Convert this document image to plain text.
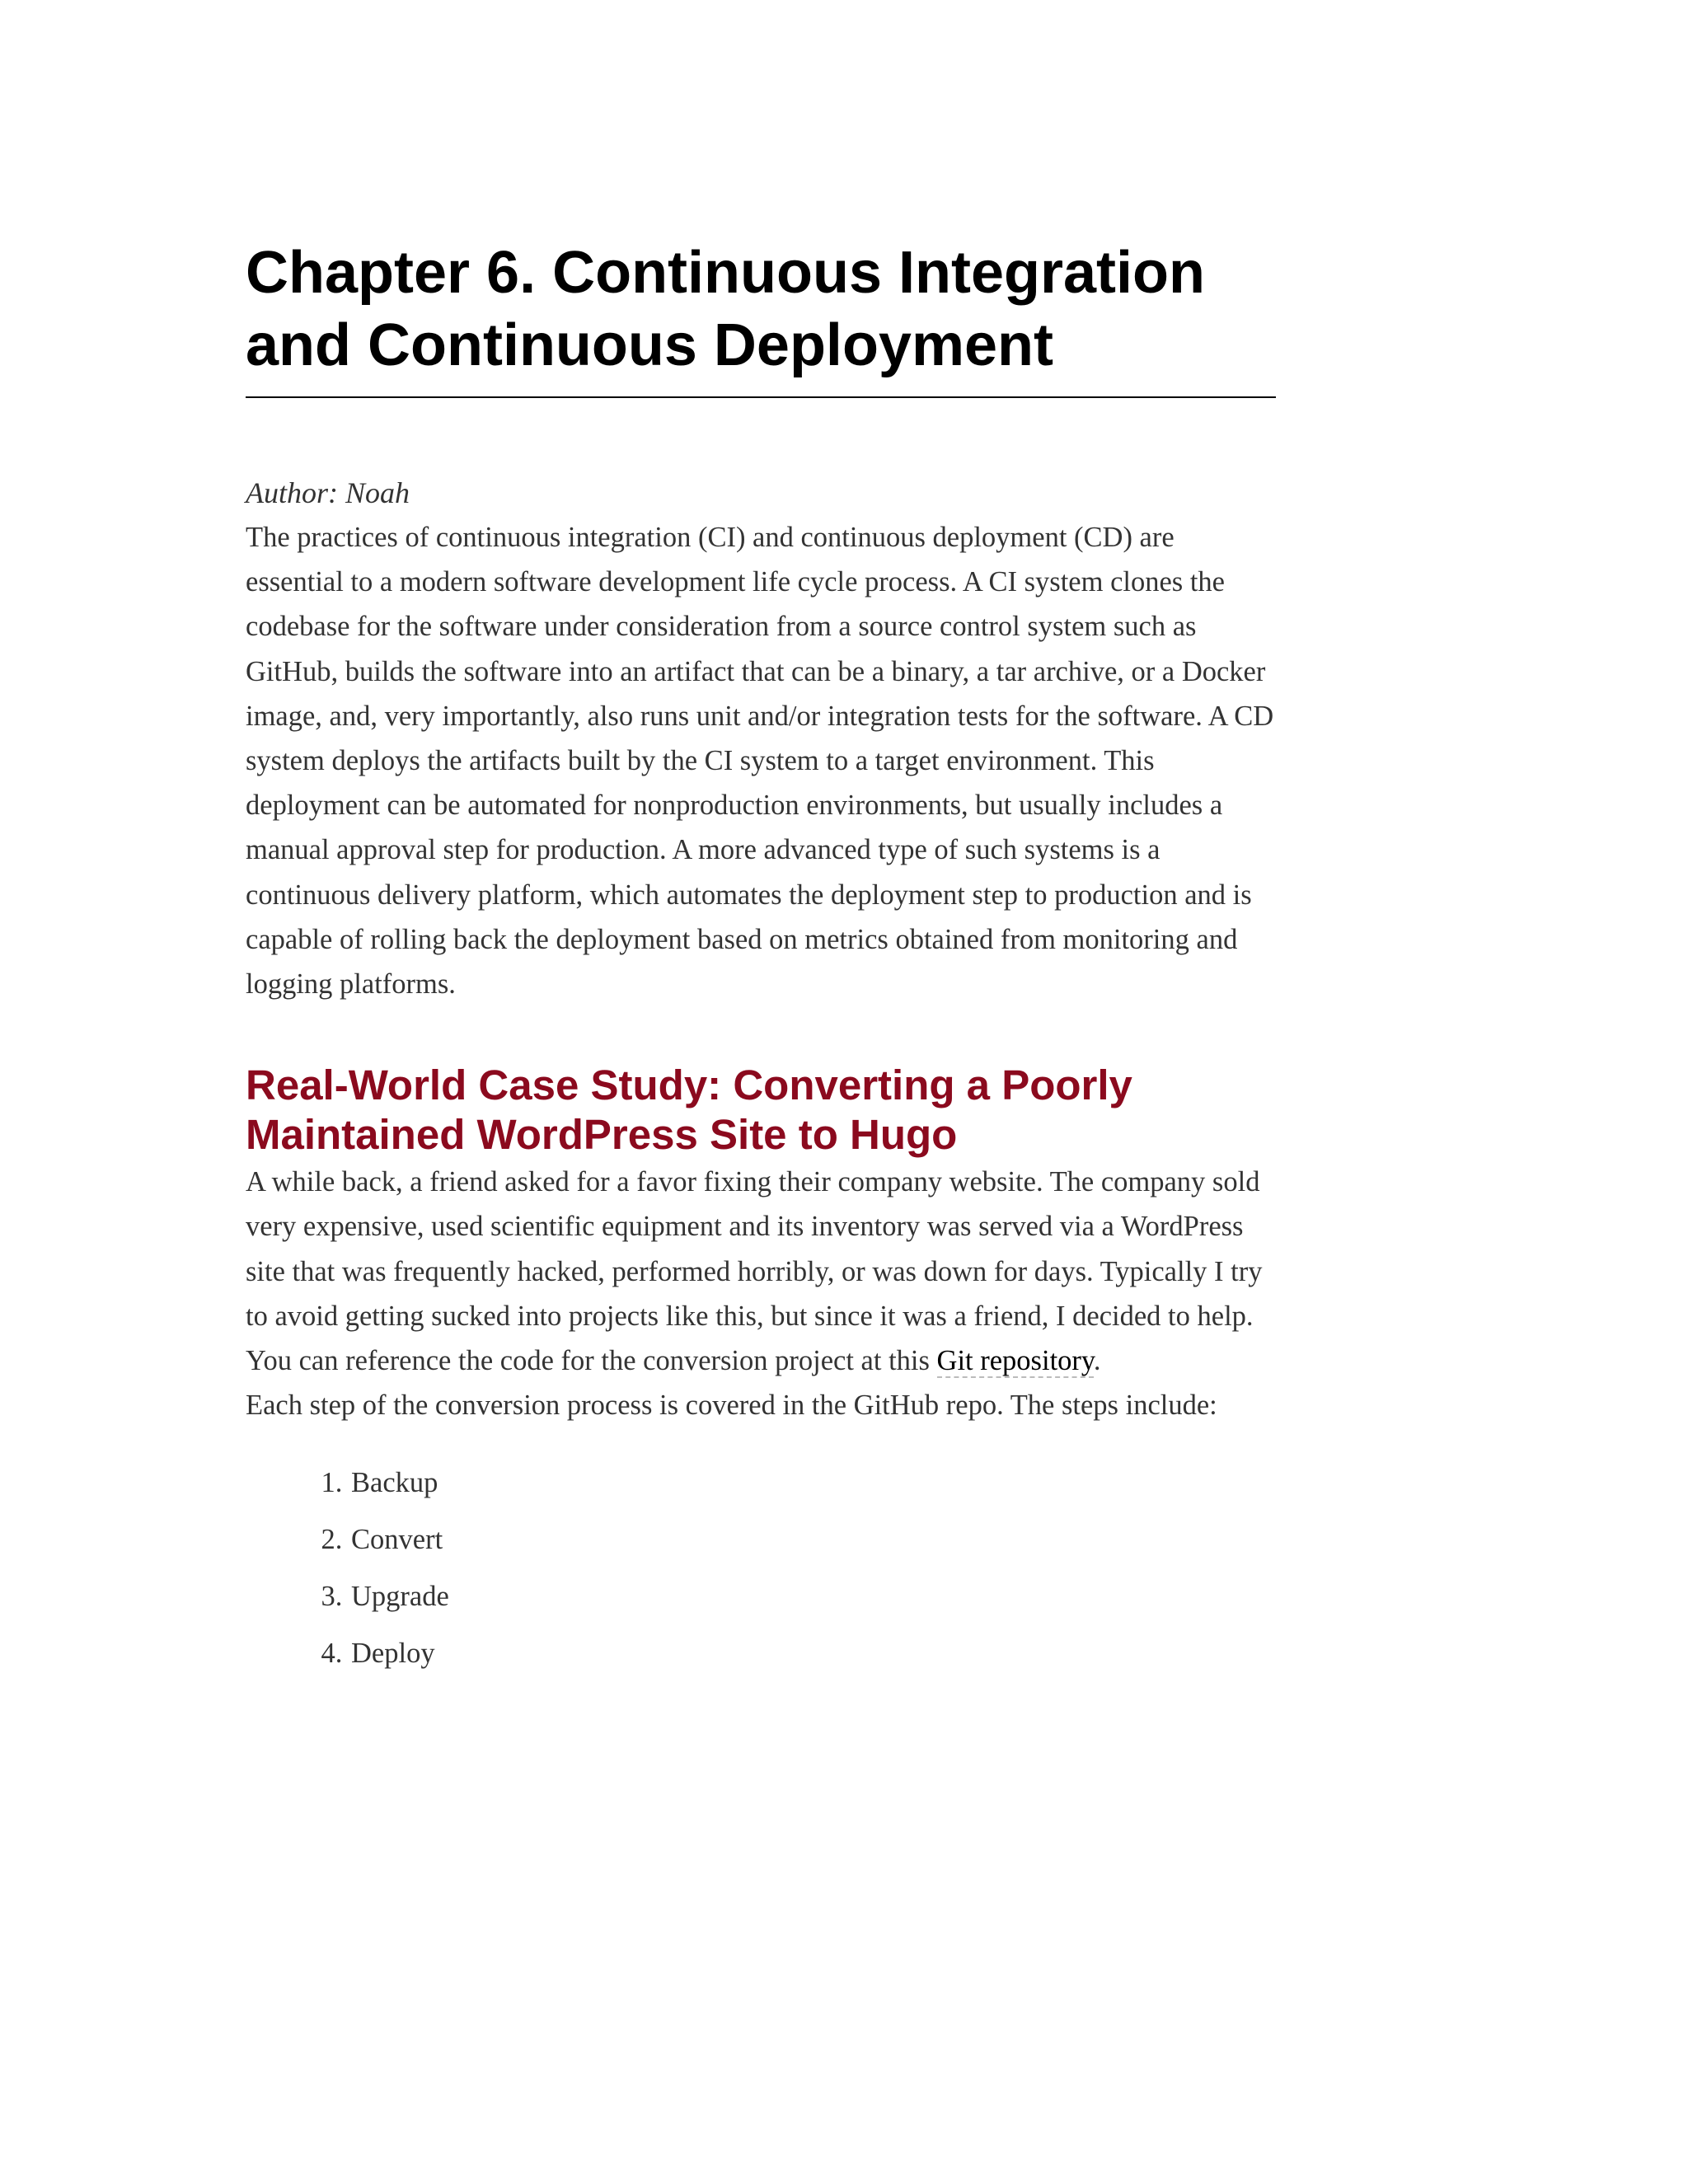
Chapter 6. Continuous Integration and Continuous Deployment

Author: Noah

The practices of continuous integration (CI) and continuous deployment (CD) are essential to a modern software development life cycle process. A CI system clones the codebase for the software under consideration from a source control system such as GitHub, builds the software into an artifact that can be a binary, a tar archive, or a Docker image, and, very importantly, also runs unit and/or integration tests for the software. A CD system deploys the artifacts built by the CI system to a target environment. This deployment can be automated for nonproduction environments, but usually includes a manual approval step for production. A more advanced type of such systems is a continuous delivery platform, which automates the deployment step to production and is capable of rolling back the deployment based on metrics obtained from monitoring and logging platforms.

Real-World Case Study: Converting a Poorly Maintained WordPress Site to Hugo

A while back, a friend asked for a favor fixing their company website. The company sold very expensive, used scientific equipment and its inventory was served via a WordPress site that was frequently hacked, performed horribly, or was down for days. Typically I try to avoid getting sucked into projects like this, but since it was a friend, I decided to help. You can reference the code for the conversion project at this Git repository.

Each step of the conversion process is covered in the GitHub repo. The steps include:

1. Backup
2. Convert
3. Upgrade
4. Deploy
